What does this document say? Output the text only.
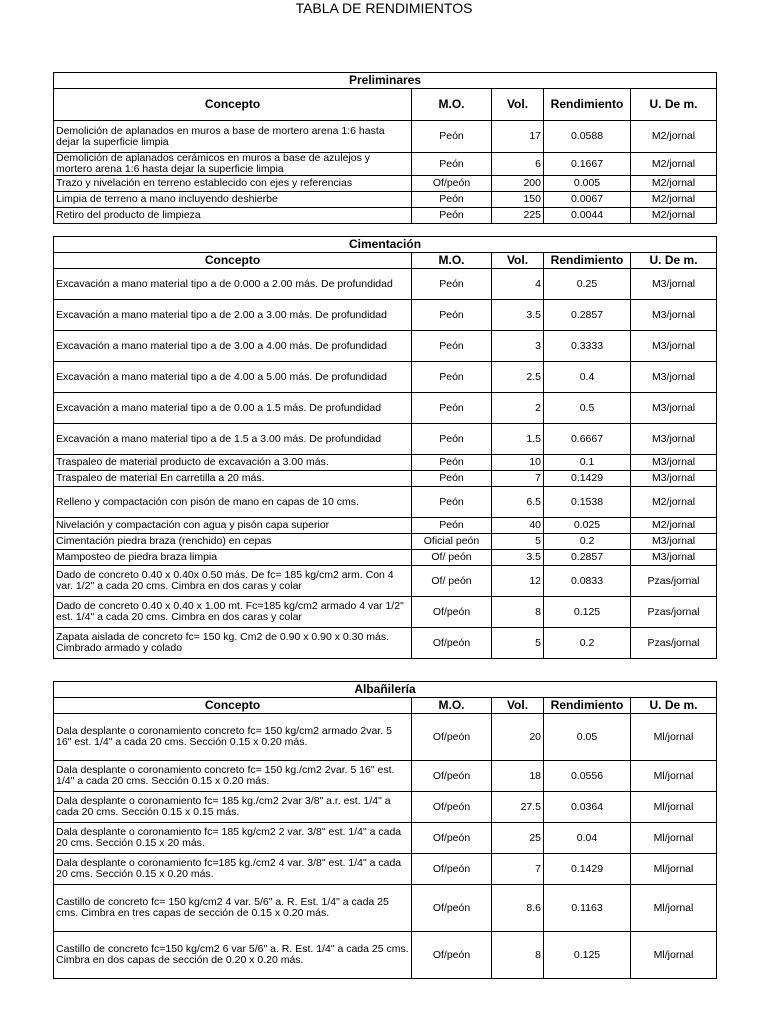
TABLA DE RENDIMIENTOS
Preliminares				
Concepto	M.O.	Vol.	Rendimiento	U. De m.
Demolición de aplanados en muros a base de mortero arena 1:6 hasta dejar la superficie limpia	Peón	17	0.0588	M2/jornal
Demolición de aplanados cerámicos en muros a base de azulejos y mortero arena 1:6 hasta dejar la superficie limpia	Peón	6	0.1667	M2/jornal
Trazo y nivelación en terreno establecido con ejes y referencias	Of/peón	200	0.005	M2/jornal
Limpia de terreno a mano incluyendo deshierbe	Peón	150	0.0067	M2/jornal
Retiro del producto de limpieza	Peón	225	0.0044	M2/jornal
Cimentación				
Concepto	M.O.	Vol.	Rendimiento	U. De m.
Excavación a mano material tipo a de 0.000 a 2.00 más. De profundidad	Peón	4	0.25	M3/jornal
Excavación a mano material tipo a de 2.00 a 3.00 más. De profundidad	Peón	3.5	0.2857	M3/jornal
Excavación a mano material tipo a de 3.00 a 4.00 más. De profundidad	Peón	3	0.3333	M3/jornal
Excavación a mano material tipo a de 4.00 a 5.00 más. De profundidad	Peón	2.5	0.4	M3/jornal
Excavación a mano material tipo a de 0.00 a 1.5 más. De profundidad	Peón	2	0.5	M3/jornal
Excavación a mano material tipo a de 1.5 a 3.00 más. De profundidad	Peón	1.5	0.6667	M3/jornal
Traspaleo de material producto de excavación a 3.00 más.	Peón	10	0.1	M3/jornal
Traspaleo de material En carretilla a 20 más.	Peón	7	0.1429	M3/jornal
Relleno y compactación con pisón de mano en capas de 10 cms.	Peón	6.5	0.1538	M2/jornal
Nivelación y compactación con agua y pisón capa superior	Peón	40	0.025	M2/jornal
Cimentación piedra braza (renchido) en cepas	Oficial peón	5	0.2	M3/jornal
Mamposteo de piedra braza limpia	Of/ peón	3.5	0.2857	M3/jornal
Dado de concreto 0.40 x 0.40x 0.50 más. De fc= 185 kg/cm2 arm. Con 4 var. 1/2" a cada 20 cms. Cimbra en dos caras y colar	Of/ peón	12	0.0833	Pzas/jornal
Dado de concreto 0.40 x 0.40 x 1.00 mt. Fc=185 kg/cm2 armado 4 var 1/2" est. 1/4" a cada 20 cms. Cimbra en dos caras y colar	Of/peón	8	0.125	Pzas/jornal
Zapata aislada de concreto fc= 150 kg. Cm2 de 0.90 x 0.90 x 0.30 más. Cimbrado armado y colado	Of/peón	5	0.2	Pzas/jornal
Albañilería				
Concepto	M.O.	Vol.	Rendimiento	U. De m.
Dala desplante o coronamiento concreto fc= 150 kg/cm2 armado 2var. 5 16" est. 1/4" a cada 20 cms. Sección 0.15 x 0.20 más.	Of/peón	20	0.05	Ml/jornal
Dala desplante o coronamiento concreto fc= 150 kg./cm2 2var. 5 16" est. 1/4" a cada 20 cms. Sección 0.15 x 0.20 más.	Of/peón	18	0.0556	Ml/jornal
Dala desplante o coronamiento fc= 185 kg./cm2 2var 3/8" a.r. est. 1/4" a cada 20 cms. Sección 0.15 x 0.15 más.	Of/peón	27.5	0.0364	Ml/jornal
Dala desplante o coronamiento fc= 185 kg/cm2 2 var. 3/8" est. 1/4" a cada 20 cms. Sección 0.15 x 20 más.	Of/peón	25	0.04	Ml/jornal
Dala desplante o coronamiento fc=185 kg./cm2 4 var. 3/8" est. 1/4" a cada 20 cms. Sección 0.15 x 0.20 más.	Of/peón	7	0.1429	Ml/jornal
Castillo de concreto fc= 150 kg/cm2 4 var. 5/6" a. R. Est. 1/4" a cada 25 cms. Cimbra en tres capas de sección de 0.15 x 0.20 más.	Of/peón	8.6	0.1163	Ml/jornal
Castillo de concreto fc=150 kg/cm2 6 var 5/6" a. R. Est. 1/4" a cada 25 cms. Cimbra en dos capas de sección de 0.20 x 0.20 más.	Of/peón	8	0.125	Ml/jornal
